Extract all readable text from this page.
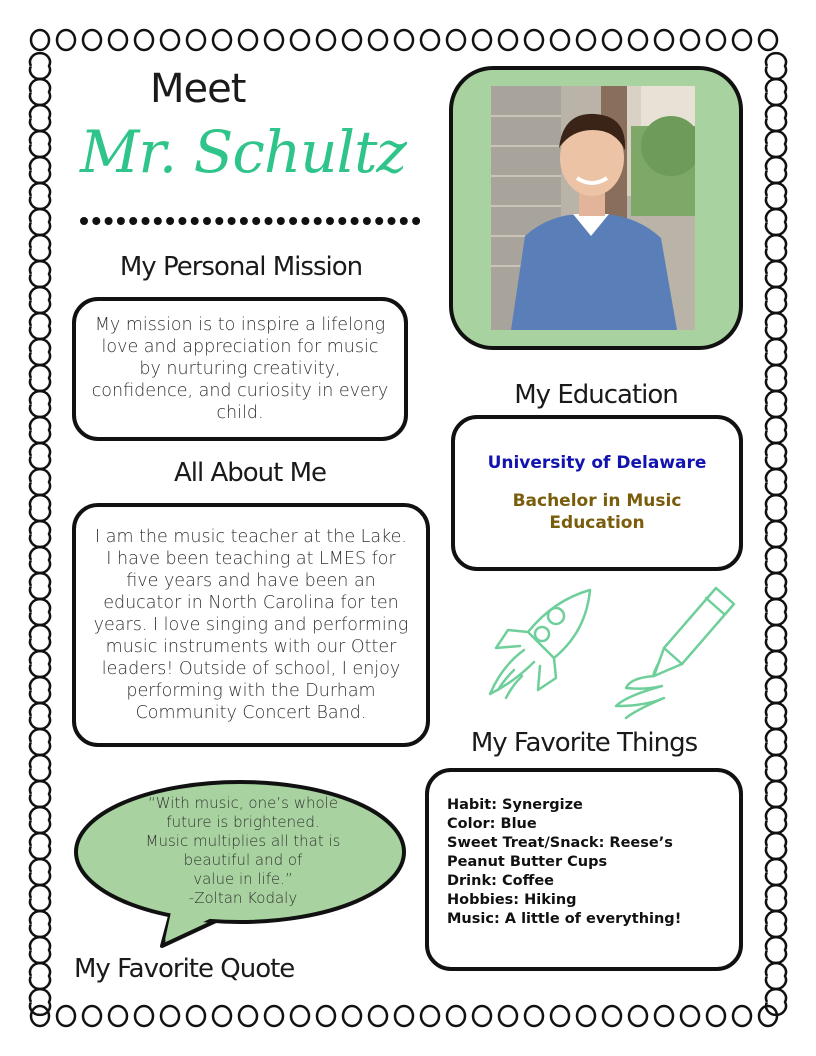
Meet
Mr. Schultz
My Personal Mission
My mission is to inspire a lifelong love and appreciation for music by nurturing creativity, confidence, and curiosity in every child.
All About Me
I am the music teacher at the Lake. I have been teaching at LMES for five years and have been an educator in North Carolina for ten years. I love singing and performing music instruments with our Otter leaders! Outside of school, I enjoy performing with the Durham Community Concert Band.
“With music, one’s whole
future is brightened.
Music multiplies all that is
beautiful and of
value in life.”
-Zoltan Kodaly
My Favorite Quote
My Education
University of Delaware
Bachelor in Music Education
My Favorite Things
Habit: Synergize
Color: Blue
Sweet Treat/Snack: Reese’s
Peanut Butter Cups
Drink: Coffee
Hobbies: Hiking
Music: A little of everything!
